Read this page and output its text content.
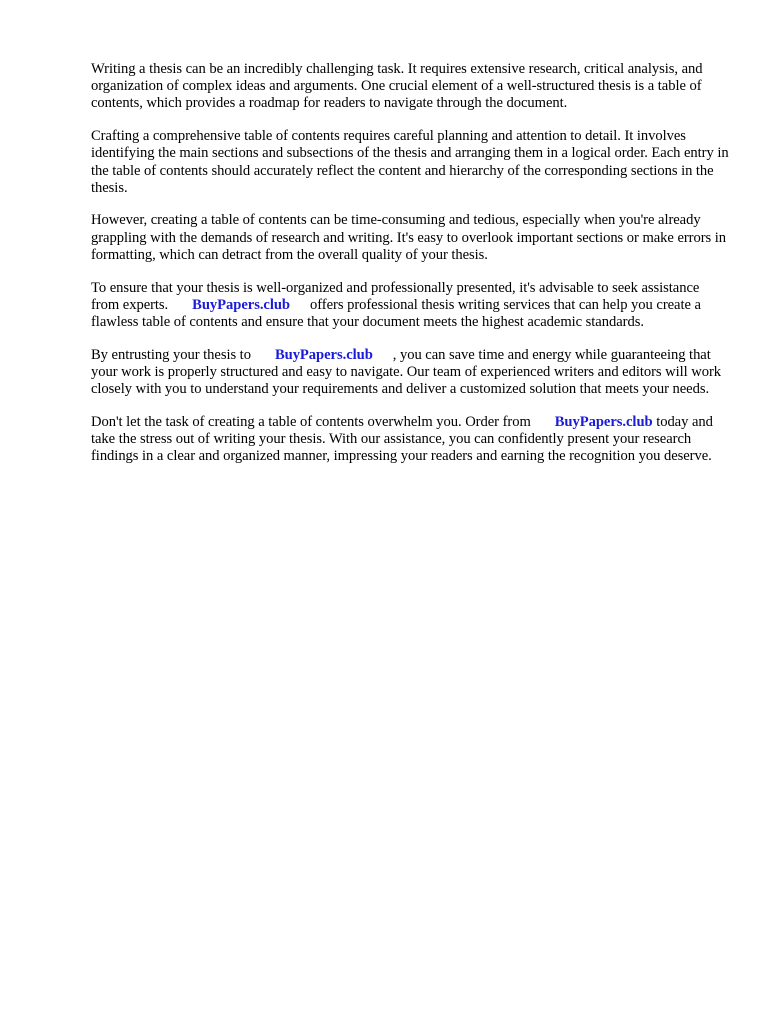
Writing a thesis can be an incredibly challenging task. It requires extensive research, critical analysis, and organization of complex ideas and arguments. One crucial element of a well-structured thesis is a table of contents, which provides a roadmap for readers to navigate through the document.

Crafting a comprehensive table of contents requires careful planning and attention to detail. It involves identifying the main sections and subsections of the thesis and arranging them in a logical order. Each entry in the table of contents should accurately reflect the content and hierarchy of the corresponding sections in the thesis.

However, creating a table of contents can be time-consuming and tedious, especially when you're already grappling with the demands of research and writing. It's easy to overlook important sections or make errors in formatting, which can detract from the overall quality of your thesis.

To ensure that your thesis is well-organized and professionally presented, it's advisable to seek assistance from experts. BuyPapers.club offers professional thesis writing services that can help you create a flawless table of contents and ensure that your document meets the highest academic standards.

By entrusting your thesis to BuyPapers.club , you can save time and energy while guaranteeing that your work is properly structured and easy to navigate. Our team of experienced writers and editors will work closely with you to understand your requirements and deliver a customized solution that meets your needs.

Don't let the task of creating a table of contents overwhelm you. Order from BuyPapers.club today and take the stress out of writing your thesis. With our assistance, you can confidently present your research findings in a clear and organized manner, impressing your readers and earning the recognition you deserve.
